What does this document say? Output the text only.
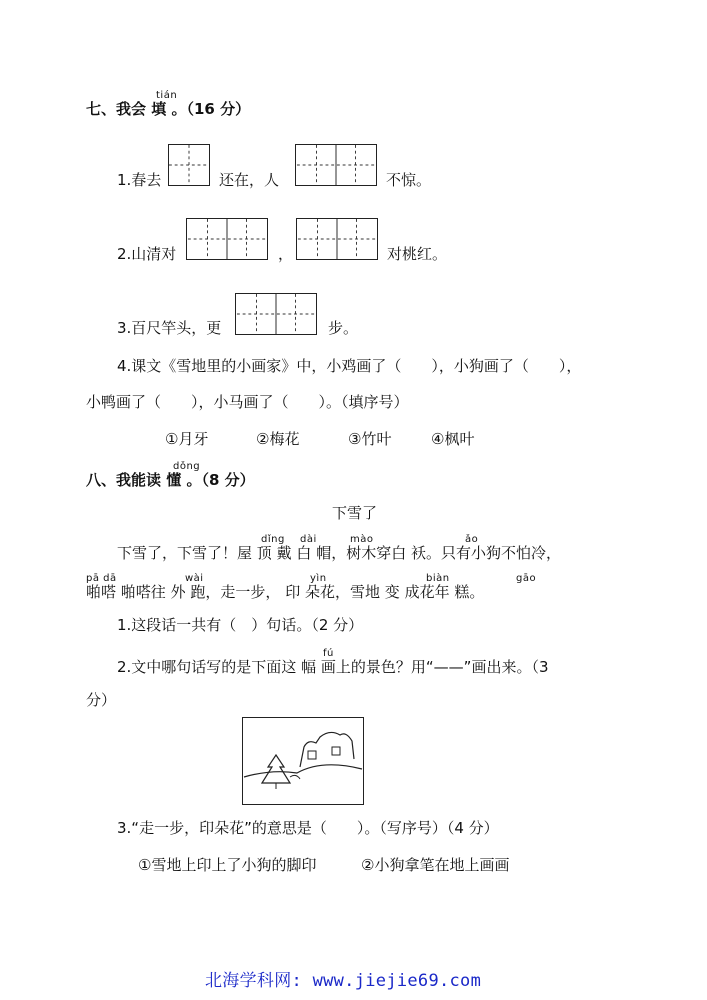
tián
七、我会 填 。（16 分）
1.春去	还在，人	不惊。
2.山清对	，	对桃红。
3.百尺竿头，更	步。
4.课文《雪地里的小画家》中，小鸡画了（　　），小狗画了（　　），
小鸭画了（　　），小马画了（　　）。（填序号）
①月牙	②梅花	③竹叶	④枫叶
dǒng
八、我能读 懂 。（8 分）
下雪了
dǐng dài	mào	ǎo
下雪了，下雪了！屋 顶 戴 白 帽，树木穿白 袄。只有小狗不怕冷，
pā dā	wài	yìn	biàn	gāo
啪嗒 啪嗒往 外 跑，走一步， 印 朵花，雪地 变 成花年 糕。
1.这段话一共有（　）句话。（2 分）
fú
2.文中哪句话写的是下面这 幅 画上的景色？用“——”画出来。（3
分）
3.“走一步，印朵花”的意思是（　　）。（写序号）（4 分）
①雪地上印上了小狗的脚印	②小狗拿笔在地上画画
北海学科网: www.jiejie69.com
